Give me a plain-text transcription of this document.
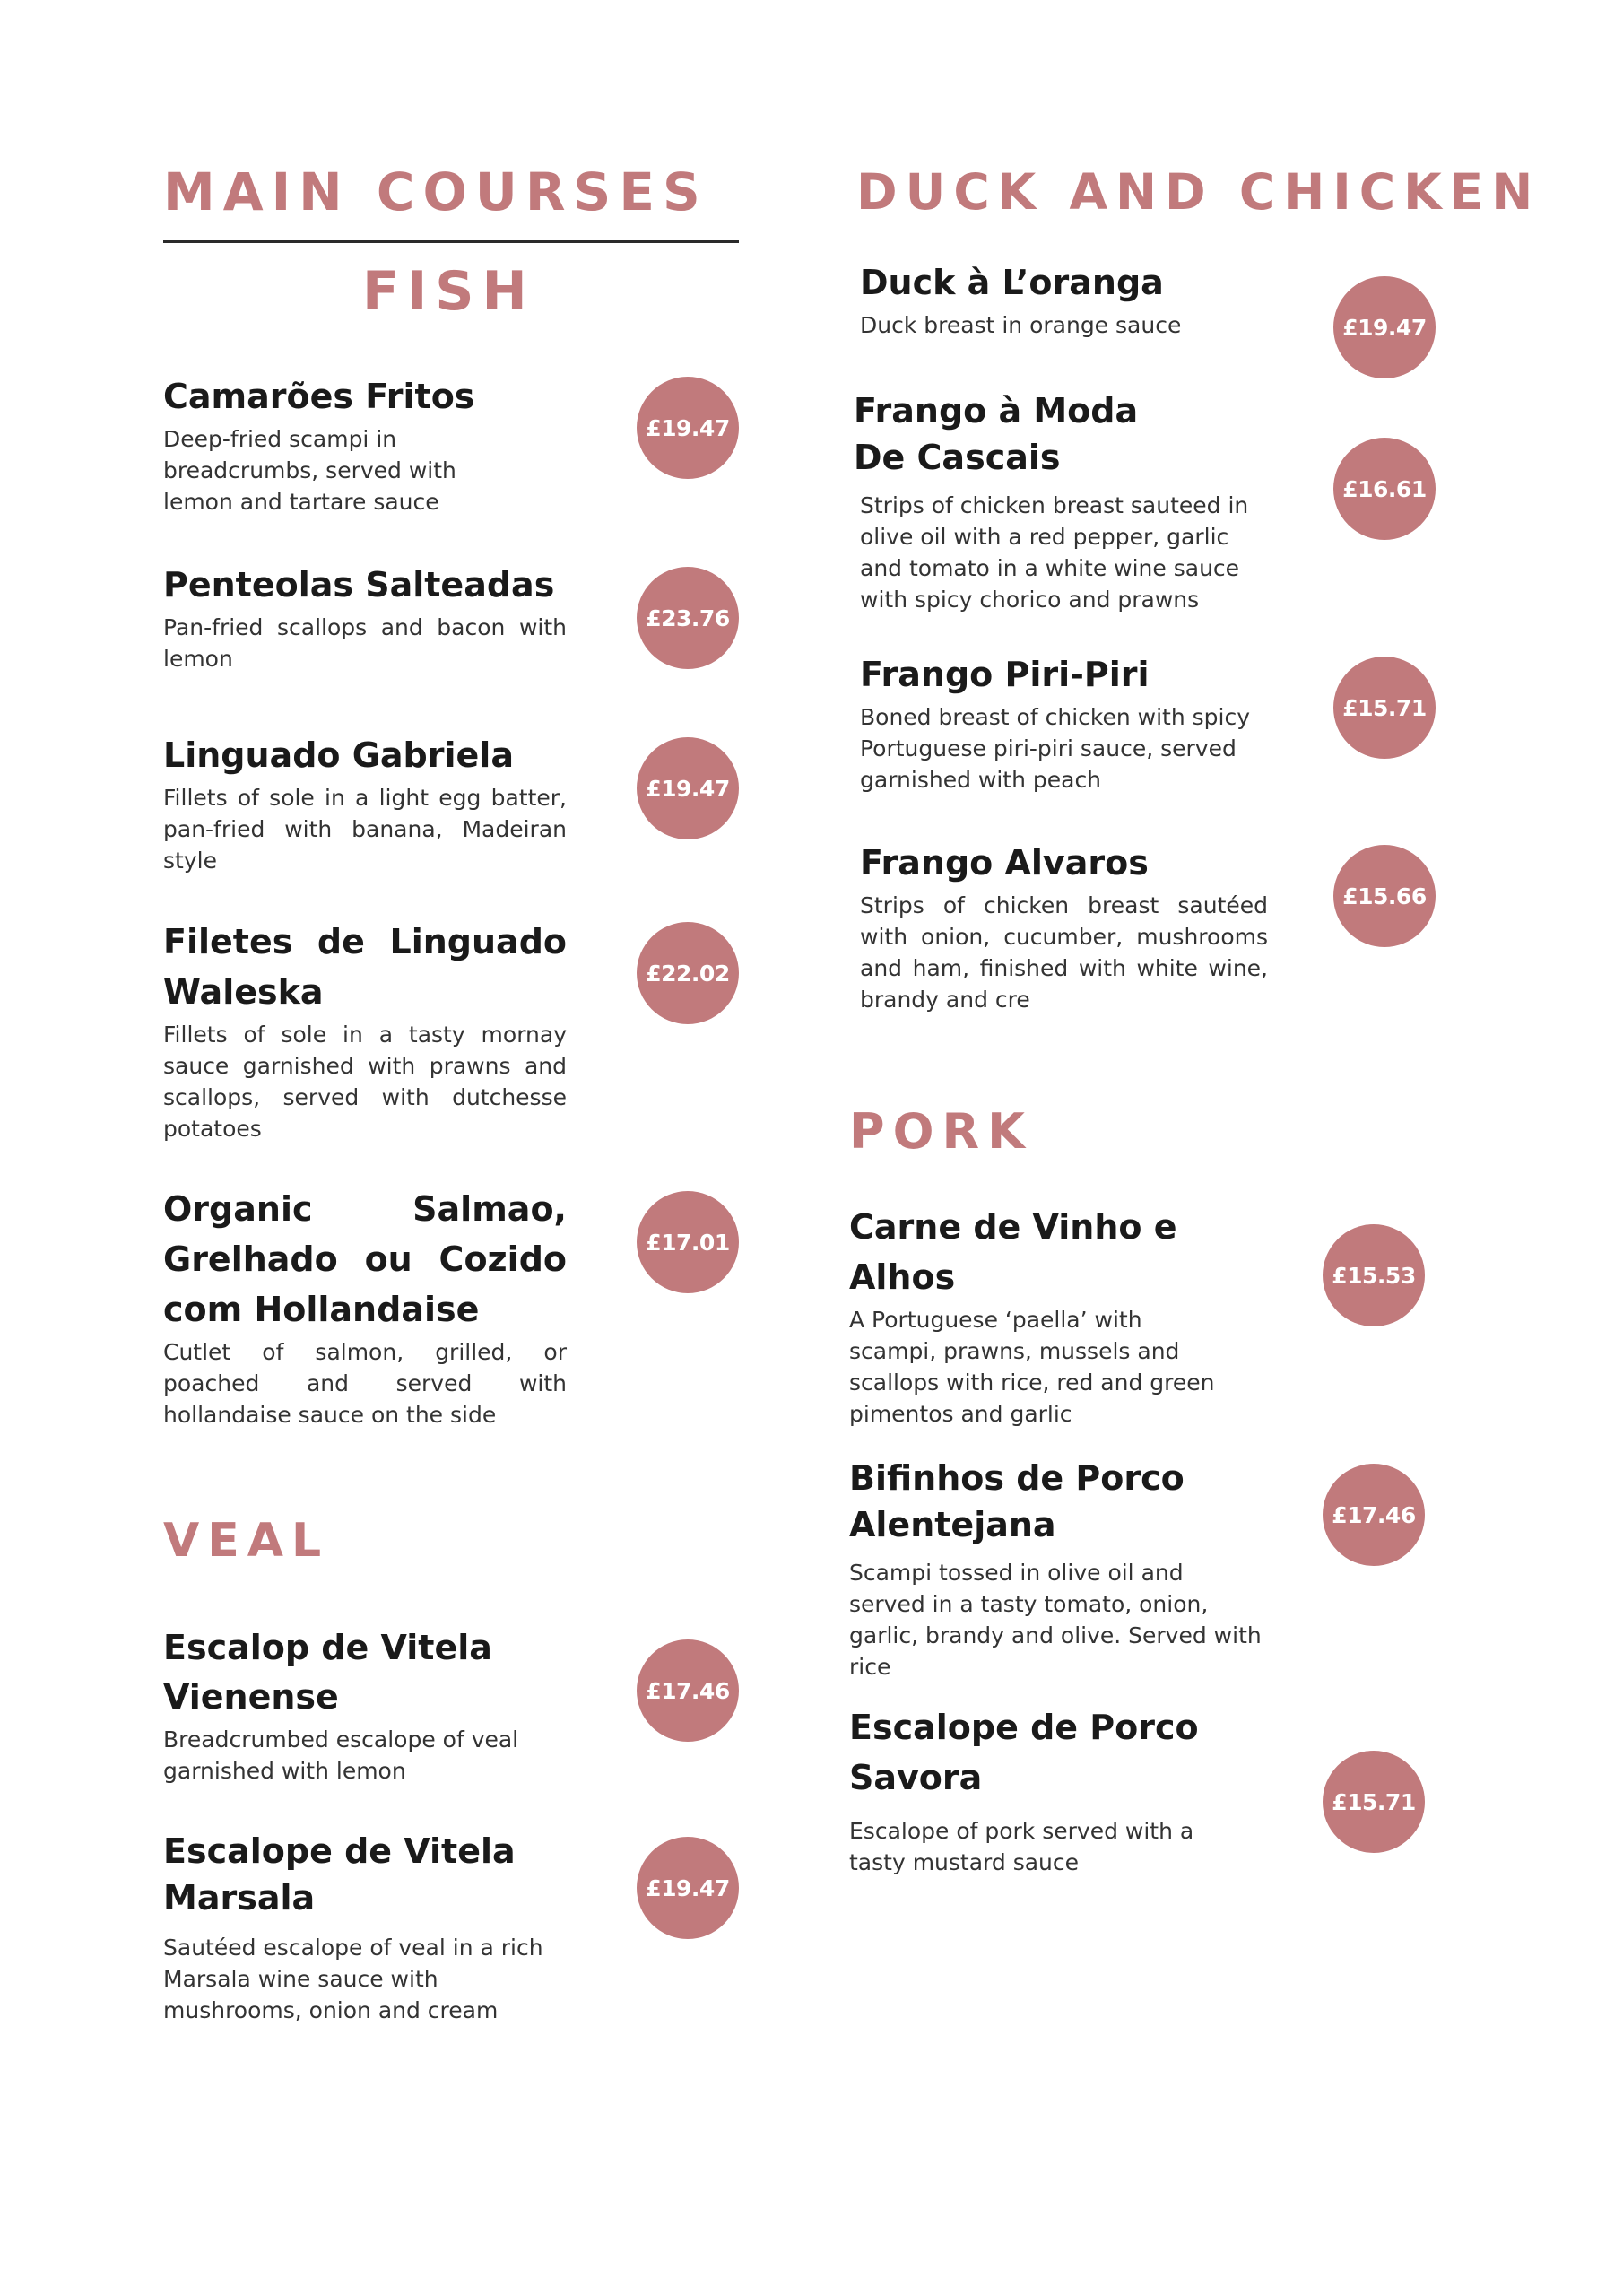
MAIN COURSES
FISH
Camarões Fritos
Deep-fried scampi in breadcrumbs, served with lemon and tartare sauce
£19.47
Penteolas Salteadas
Pan-fried scallops and bacon with lemon
£23.76
Linguado Gabriela
Fillets of sole in a light egg batter, pan-fried with banana, Madeiran style
£19.47
Filetes de Linguado Waleska
Fillets of sole in a tasty mornay sauce garnished with prawns and scallops, served with dutchesse potatoes
£22.02
Organic Salmao, Grelhado ou Cozido com Hollandaise
Cutlet of salmon, grilled, or poached and served with hollandaise sauce on the side
£17.01
VEAL
Escalop de Vitela Vienense
Breadcrumbed escalope of veal garnished with lemon
£17.46
Escalope de Vitela Marsala
Sautéed escalope of veal in a rich Marsala wine sauce with mushrooms, onion and cream
£19.47
DUCK AND CHICKEN
Duck à L’oranga
Duck breast in orange sauce	£19.47
Frango à Moda De Cascais
Strips of chicken breast sauteed in olive oil with a red pepper, garlic and tomato in a white wine sauce with spicy chorico and prawns
£16.61
Frango Piri-Piri
Boned breast of chicken with spicy Portuguese piri-piri sauce, served garnished with peach
£15.71
Frango Alvaros
Strips of chicken breast sautéed with onion, cucumber, mushrooms and ham, finished with white wine, brandy and cre
£15.66
PORK
Carne de Vinho e Alhos
A Portuguese ‘paella’ with scampi, prawns, mussels and scallops with rice, red and green pimentos and garlic
£15.53
Bifinhos de Porco Alentejana
Scampi tossed in olive oil and served in a tasty tomato, onion, garlic, brandy and olive. Served with rice
£17.46
Escalope de Porco Savora
Escalope of pork served with a tasty mustard sauce
£15.71
